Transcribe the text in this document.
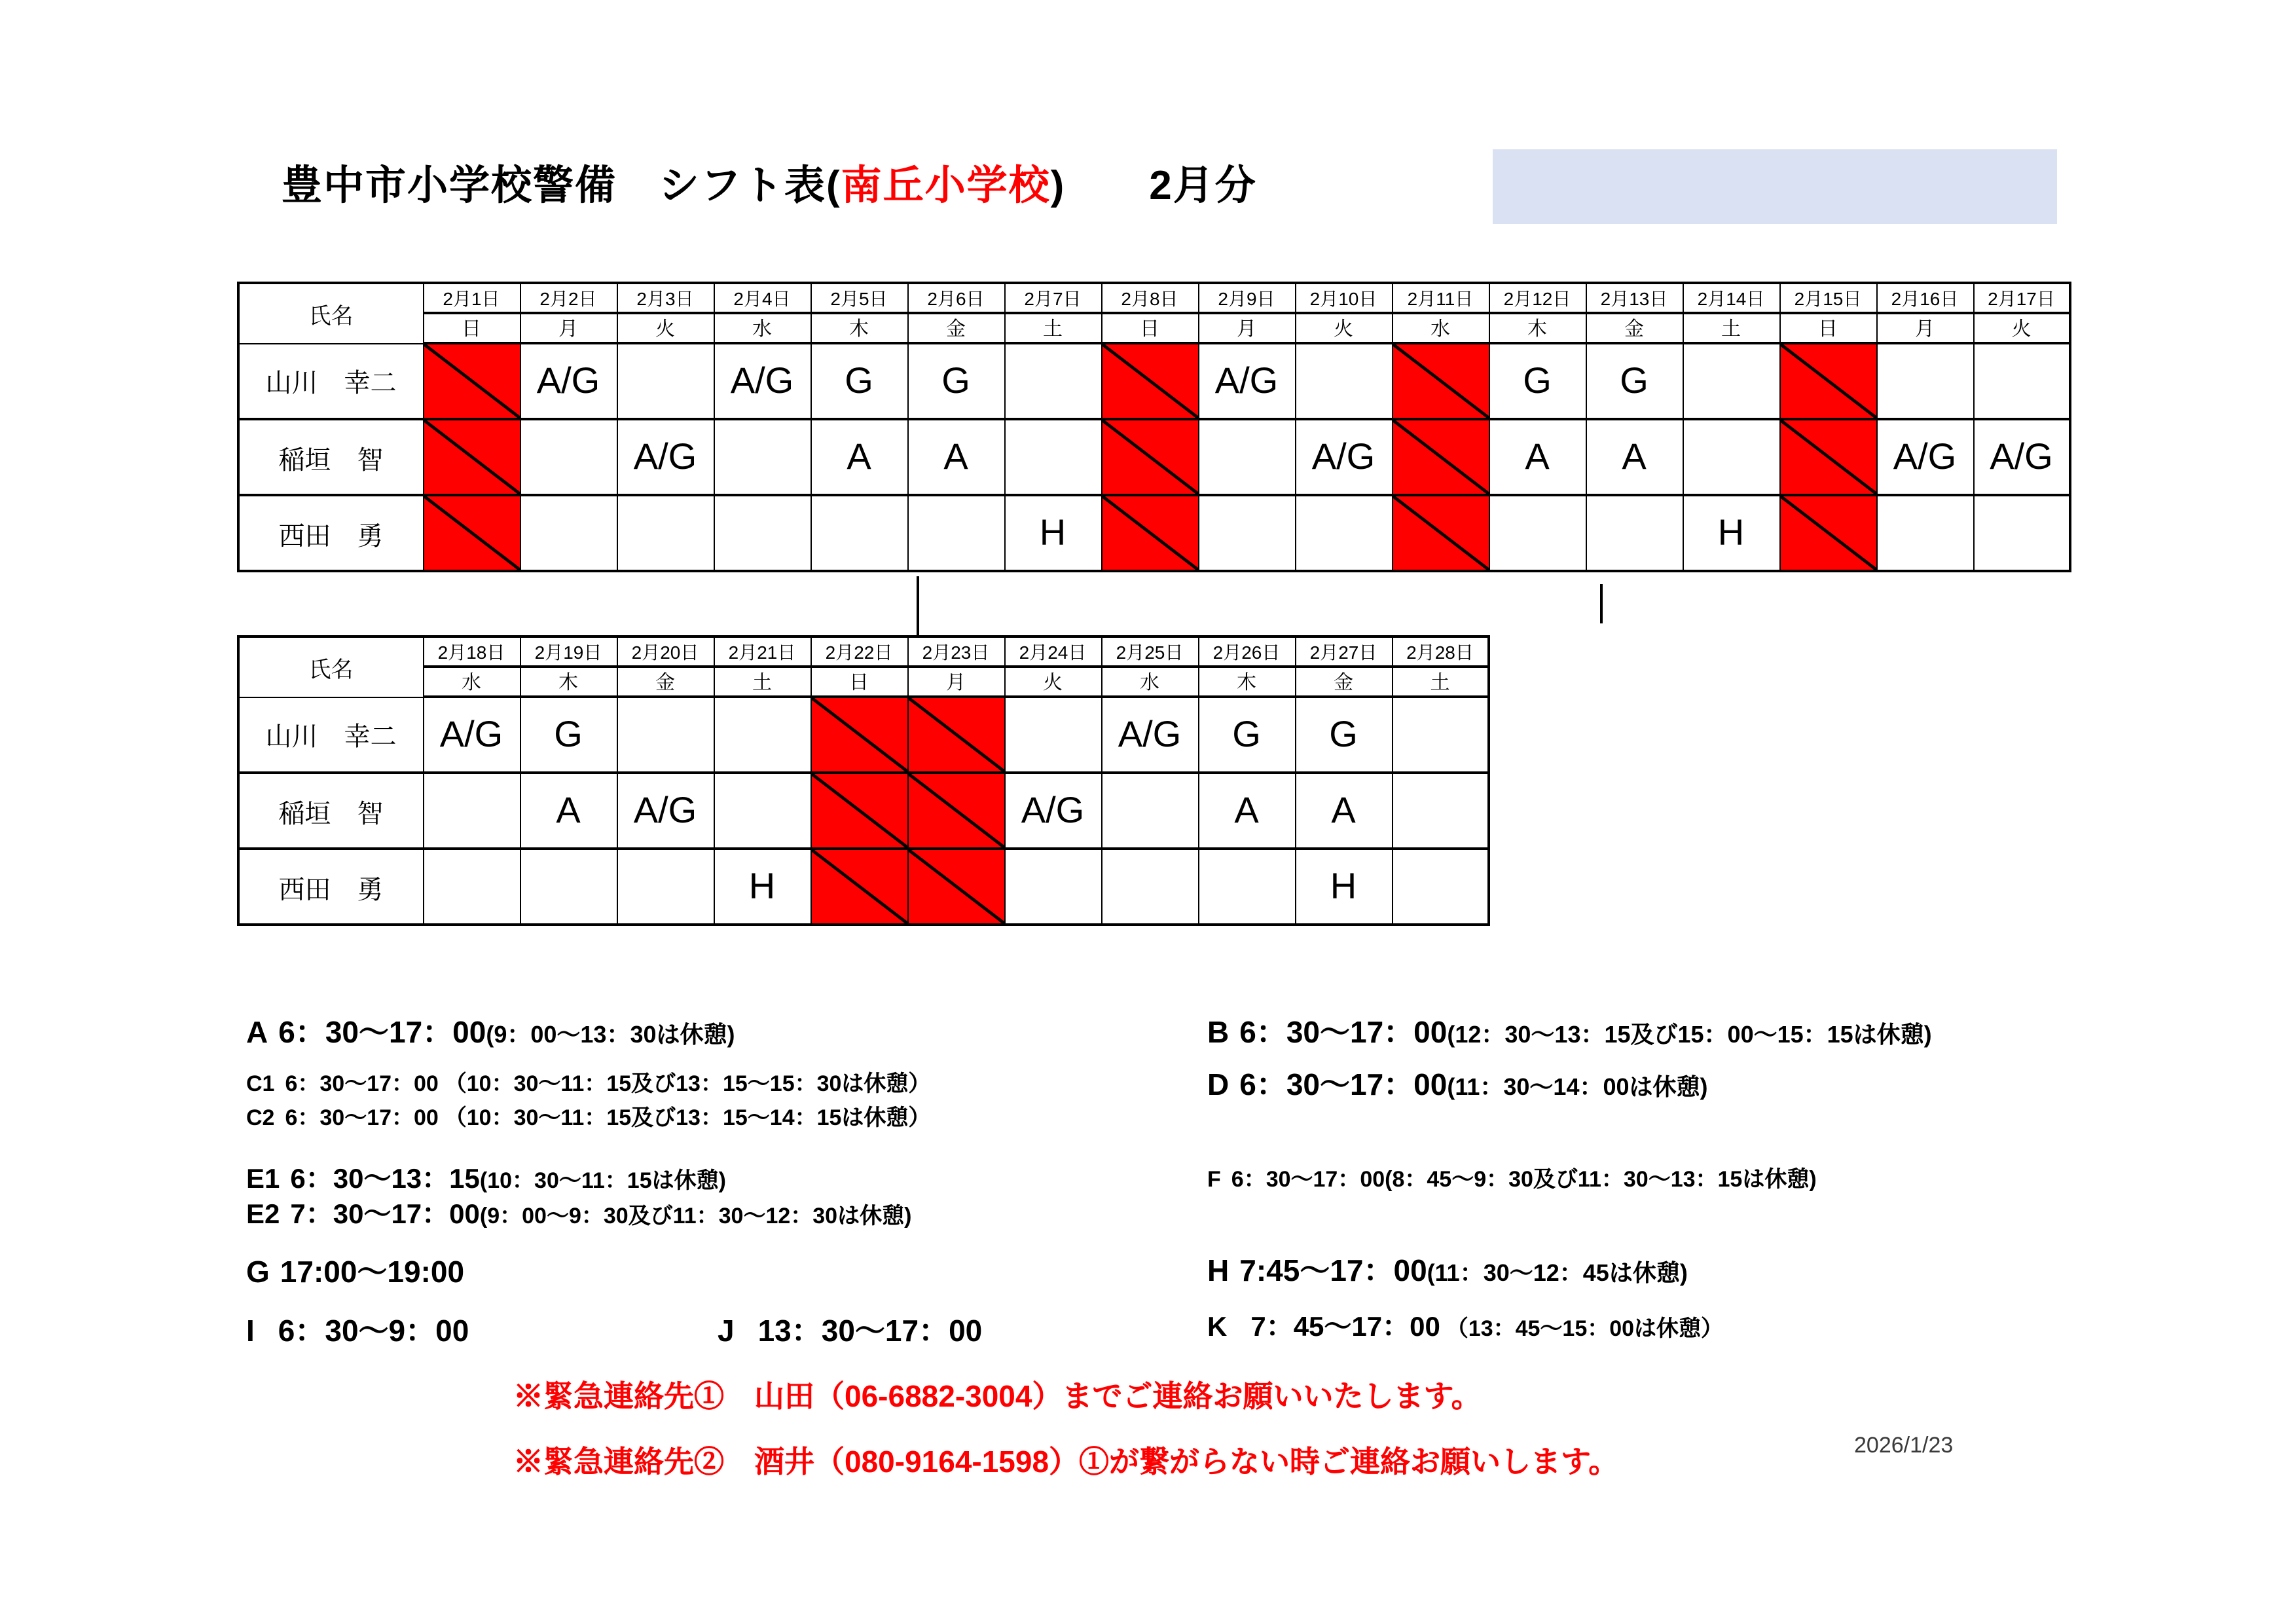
豊中市小学校警備　シフト表(南丘小学校)　　2月分
氏名	2月1日	2月2日	2月3日	2月4日	2月5日	2月6日	2月7日	2月8日	2月9日	2月10日	2月11日	2月12日	2月13日	2月14日	2月15日	2月16日	2月17日
	日	月	火	水	木	金	土	日	月	火	水	木	金	土	日	月	火
山川　幸二		A/G		A/G	G	G			A/G			G	G		

稲垣　智			A/G		A	A				A/G		A	A			A/G	A/G
西田　勇							H							H	

氏名	2月18日	2月19日	2月20日	2月21日	2月22日	2月23日	2月24日	2月25日	2月26日	2月27日	2月28日
	水	木	金	土	日	月	火	水	木	金	土
山川　幸二	A/G	G						A/G	G	G	
稲垣　智		A	A/G				A/G		A	A	
西田　勇				H						H	
A 6：30〜17：00(9：00〜13：30は休憩)
C1 6：30〜17：00 （10：30〜11：15及び13：15〜15：30は休憩）
C2 6：30〜17：00 （10：30〜11：15及び13：15〜14：15は休憩）
E1 6：30〜13：15(10：30〜11：15は休憩)
E2 7：30〜17：00(9：00〜9：30及び11：30〜12：30は休憩)
G 17:00〜19:00
I 6：30〜9：00	J 13：30〜17：00
B 6：30〜17：00(12：30〜13：15及び15：00〜15：15は休憩)
D 6：30〜17：00(11：30〜14：00は休憩)
F 6：30〜17：00(8：45〜9：30及び11：30〜13：15は休憩)
H 7:45〜17：00(11：30〜12：45は休憩)
K 7：45〜17：00 （13：45〜15：00は休憩）
※緊急連絡先①　山田（06-6882-3004）までご連絡お願いいたします。
※緊急連絡先②　酒井（080-9164-1598）①が繋がらない時ご連絡お願いします。	2026/1/23
